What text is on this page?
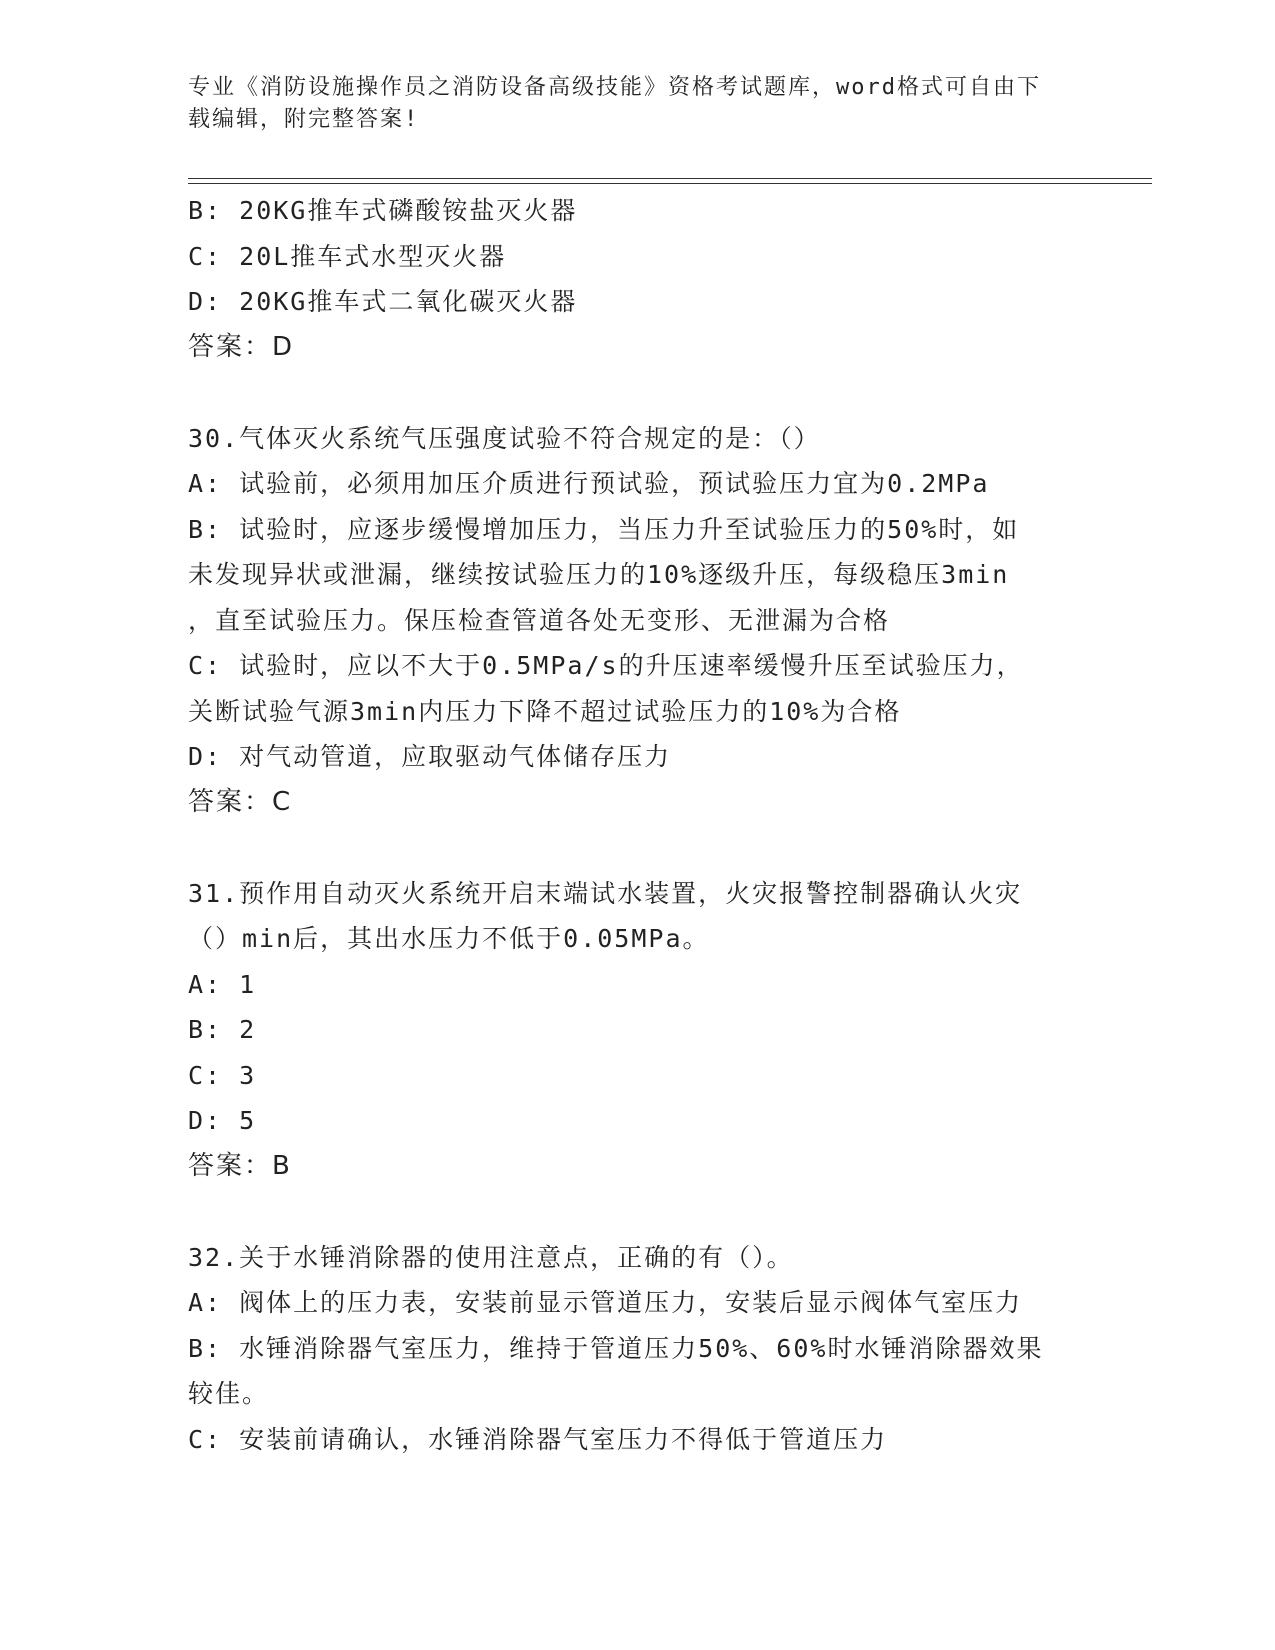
专业《消防设施操作员之消防设备高级技能》资格考试题库，word格式可自由下
载编辑，附完整答案!

B: 20KG推车式磷酸铵盐灭火器

C: 20L推车式水型灭火器

D: 20KG推车式二氧化碳灭火器

答案：D

30.气体灭火系统气压强度试验不符合规定的是：（）

A: 试验前，必须用加压介质进行预试验，预试验压力宜为0.2MPa

B: 试验时，应逐步缓慢增加压力，当压力升至试验压力的50%时，如

未发现异状或泄漏，继续按试验压力的10%逐级升压，每级稳压3min

，直至试验压力。保压检查管道各处无变形、无泄漏为合格

C: 试验时，应以不大于0.5MPa/s的升压速率缓慢升压至试验压力，

关断试验气源3min内压力下降不超过试验压力的10%为合格

D: 对气动管道，应取驱动气体储存压力

答案：C

31.预作用自动灭火系统开启末端试水装置，火灾报警控制器确认火灾

（）min后，其出水压力不低于0.05MPa。

A: 1

B: 2

C: 3

D: 5

答案：B

32.关于水锤消除器的使用注意点，正确的有（）。

A: 阀体上的压力表，安装前显示管道压力，安装后显示阀体气室压力

B: 水锤消除器气室压力，维持于管道压力50%、60%时水锤消除器效果

较佳。

C: 安装前请确认，水锤消除器气室压力不得低于管道压力
